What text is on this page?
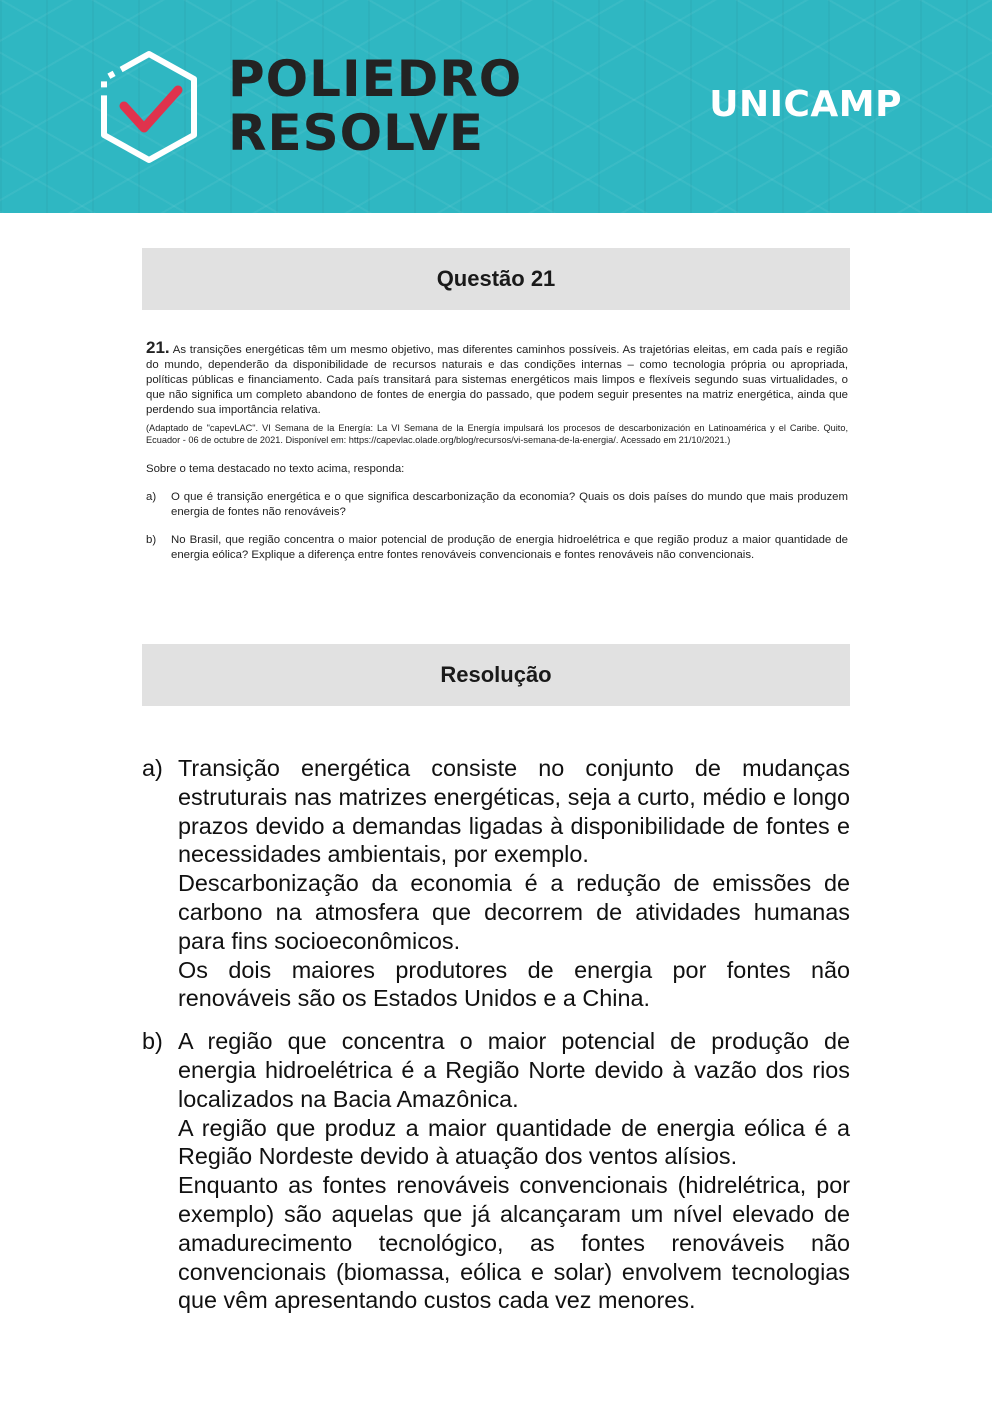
POLIEDRO
RESOLVE	UNICAMP
Questão 21

21. As transições energéticas têm um mesmo objetivo, mas diferentes caminhos possíveis. As trajetórias eleitas, em cada país e região do mundo, dependerão da disponibilidade de recursos naturais e das condições internas – como tecnologia própria ou apropriada, políticas públicas e financiamento. Cada país transitará para sistemas energéticos mais limpos e flexíveis segundo suas virtualidades, o que não significa um completo abandono de fontes de energia do passado, que podem seguir presentes na matriz energética, ainda que perdendo sua importância relativa.

(Adaptado de "capevLAC". VI Semana de la Energía: La VI Semana de la Energía impulsará los procesos de descarbonización en Latinoamérica y el Caribe. Quito, Ecuador - 06 de octubre de 2021. Disponível em: https://capevlac.olade.org/blog/recursos/vi-semana-de-la-energia/. Acessado em 21/10/2021.)

Sobre o tema destacado no texto acima, responda:

a)	O que é transição energética e o que significa descarbonização da economia? Quais os dois países do mundo que mais produzem energia de fontes não renováveis?
b)	No Brasil, que região concentra o maior potencial de produção de energia hidroelétrica e que região produz a maior quantidade de energia eólica? Explique a diferença entre fontes renováveis convencionais e fontes renováveis não convencionais.
Resolução
a) Transição energética consiste no conjunto de mudanças estruturais nas matrizes energéticas, seja a curto, médio e longo prazos devido a demandas ligadas à disponibilidade de fontes e necessidades ambientais, por exemplo.

Descarbonização da economia é a redução de emissões de carbono na atmosfera que decorrem de atividades humanas para fins socioeconômicos.

Os dois maiores produtores de energia por fontes não renováveis são os Estados Unidos e a China.

b) A região que concentra o maior potencial de produção de energia hidroelétrica é a Região Norte devido à vazão dos rios localizados na Bacia Amazônica.

A região que produz a maior quantidade de energia eólica é a Região Nordeste devido à atuação dos ventos alísios.

Enquanto as fontes renováveis convencionais (hidrelétrica, por exemplo) são aquelas que já alcançaram um nível elevado de amadurecimento tecnológico, as fontes renováveis não convencionais (biomassa, eólica e solar) envolvem tecnologias que vêm apresentando custos cada vez menores.
